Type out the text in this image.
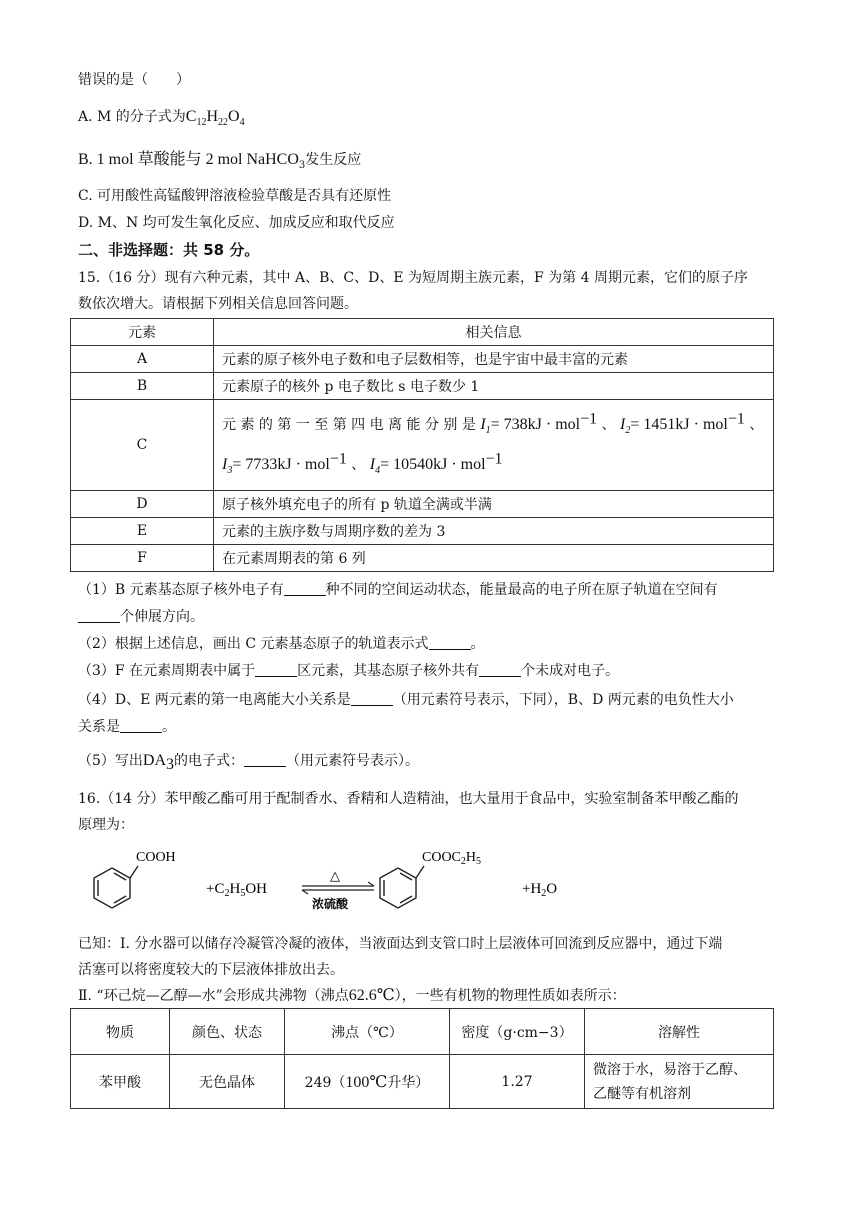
错误的是（　　）
A. M 的分子式为$C_{12}H_{22}O_4$
B. 1 mol 草酸能与 2 mol NaHCO$_3$发生反应
C. 可用酸性高锰酸钾溶液检验草酸是否具有还原性
D. M、N 均可发生氧化反应、加成反应和取代反应
二、非选择题：共 58 分。
15.（16 分）现有六种元素，其中 A、B、C、D、E 为短周期主族元素，F 为第 4 周期元素，它们的原子序
数依次增大。请根据下列相关信息回答问题。
元素	相关信息
A	元素的原子核外电子数和电子层数相等，也是宇宙中最丰富的元素
B	元素原子的核外 p 电子数比 s 电子数少 1
C	元 素 的 第 一 至 第 四 电 离 能 分 别 是 $I_1= 738kJ \cdot mol^{-1}$ 、 $I_2= 1451kJ \cdot mol^{-1}$ 、
$I_3= 7733kJ \cdot mol^{-1}$ 、 $I_4= 10540kJ \cdot mol^{-1}$

D	原子核外填充电子的所有 p 轨道全满或半满
E	元素的主族序数与周期序数的差为 3
F	在元素周期表的第 6 列
（1）B 元素基态原子核外电子有	种不同的空间运动状态，能量最高的电子所在原子轨道在空间有
个伸展方向。
（2）根据上述信息，画出 C 元素基态原子的轨道表示式	。
（3）F 在元素周期表中属于	区元素，其基态原子核外共有	个未成对电子。
（4）D、E 两元素的第一电离能大小关系是	（用元素符号表示，下同），B、D 两元素的电负性大小
关系是	。
（5）写出$DA_3$的电子式：	（用元素符号表示）。
16.（14 分）苯甲酸乙酯可用于配制香水、香精和人造精油，也大量用于食品中，实验室制备苯甲酸乙酯的
原理为：
COOH
$+C_2H_5OH$
△
浓硫酸
$COOC_2H_5$
$+H_2O$
已知：Ⅰ. 分水器可以储存冷凝管冷凝的液体，当液面达到支管口时上层液体可回流到反应器中，通过下端
活塞可以将密度较大的下层液体排放出去。
Ⅱ. “环己烷—乙醇—水”会形成共沸物（沸点62.6℃），一些有机物的物理性质如表所示：
物质	颜色、状态	沸点（℃）	密度（g·cm−3）	溶解性
苯甲酸	无色晶体	249（100℃升华）	1.27	微溶于水，易溶于乙醇、
乙醚等有机溶剂
